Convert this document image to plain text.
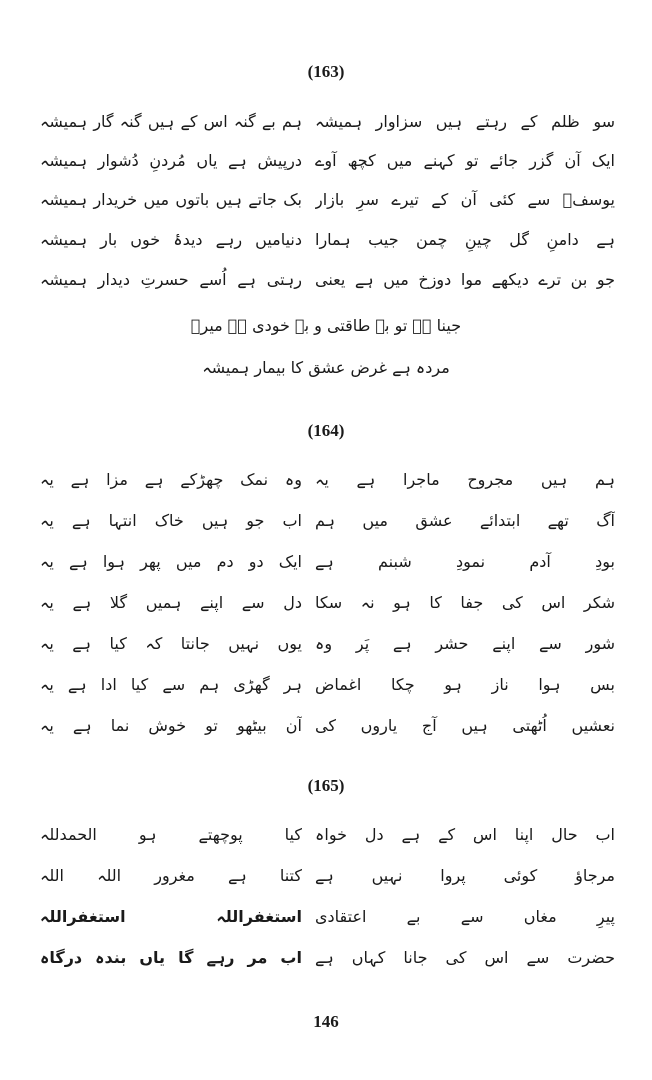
(163)
سو ظلم کے رہتے ہیں سزاوار ہمیشہ
ہم بے گنہ اس کے ہیں گنہ گار ہمیشہ
ایک آن گزر جائے تو کہنے میں کچھ آوے
درپیش ہے یاں مُردنِ دُشوار ہمیشہ
یوسفؑ سے کئی آن کے تیرے سرِ بازار
بک جاتے ہیں باتوں میں خریدار ہمیشہ
ہے دامنِ گل چینِ چمن جیب ہمارا
دنیامیں رہے دیدۂ خوں بار ہمیشہ
جو بن ترے دیکھے موا دوزخ میں ہے یعنی
رہتی ہے اُسے حسرتِ دیدار ہمیشہ
جینا ہے تو بے طاقتی و بے خودی ہے میرؔ
مردہ ہے غرض عشق کا بیمار ہمیشہ
(164)
ہم ہیں مجروح ماجرا ہے یہ
وہ نمک چھڑکے ہے مزا ہے یہ
آگ تھے ابتدائے عشق میں ہم
اب جو ہیں خاک انتہا ہے یہ
بودِ آدم نمودِ شبنم ہے
ایک دو دم میں پھر ہوا ہے یہ
شکر اس کی جفا کا ہو نہ سکا
دل سے اپنے ہمیں گلا ہے یہ
شور سے اپنے حشر ہے پَر وہ
یوں نہیں جانتا کہ کیا ہے یہ
بس ہوا ناز ہو چکا اغماض
ہر گھڑی ہم سے کیا ادا ہے یہ
نعشیں اُٹھتی ہیں آج یاروں کی
آن بیٹھو تو خوش نما ہے یہ
(165)
اب حال اپنا اس کے ہے دل خواہ
کیا پوچھتے ہو الحمدللہ
مرجاؤ کوئی پروا نہیں ہے
کتنا ہے مغرور اللہ اللہ
پیرِ مغاں سے بے اعتقادی
استغفراللہ استغفراللہ
حضرت سے اس کی جانا کہاں ہے
اب مر رہے گا یاں بندہ درگاہ
146
